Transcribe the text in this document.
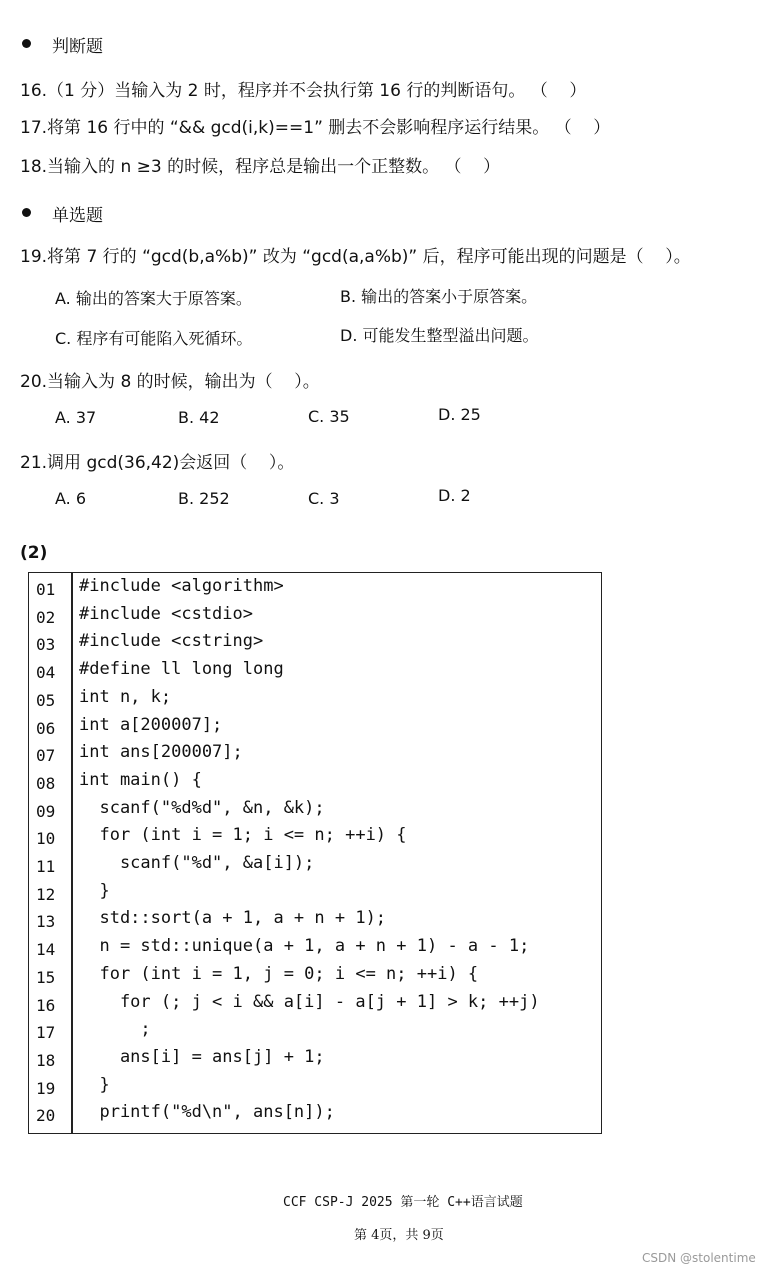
判断题
16.（1 分）当输入为 2 时，程序并不会执行第 16 行的判断语句。 （    ）
17.将第 16 行中的 “&& gcd(i,k)==1” 删去不会影响程序运行结果。 （    ）
18.当输入的 n ≥3 的时候，程序总是输出一个正整数。 （    ）
单选题
19.将第 7 行的 “gcd(b,a%b)” 改为 “gcd(a,a%b)” 后，程序可能出现的问题是（    ）。
A. 输出的答案大于原答案。	B. 输出的答案小于原答案。
C. 程序有可能陷入死循环。	D. 可能发生整型溢出问题。
20.当输入为 8 的时候，输出为（    ）。
A. 37	B. 42	C. 35	D. 25
21.调用 gcd(36,42)会返回（    ）。
A. 6	B. 252	C. 3	D. 2
(2)
01 #include <algorithm>
02 #include <cstdio>
03 #include <cstring>
04 #define ll long long
05 int n, k;
06 int a[200007];
07 int ans[200007];
08 int main() {
09 scanf("%d%d", &n, &k);
10 for (int i = 1; i <= n; ++i) {
11 scanf("%d", &a[i]);
12 }
13 std::sort(a + 1, a + n + 1);
14 n = std::unique(a + 1, a + n + 1) - a - 1;
15 for (int i = 1, j = 0; i <= n; ++i) {
16 for (; j < i && a[i] - a[j + 1] > k; ++j)
17 ;
18 ans[i] = ans[j] + 1;
19 }
20 printf("%d\n", ans[n]);
CCF CSP-J 2025 第一轮 C++语言试题
第 4页，共 9页
CSDN @stolentime
